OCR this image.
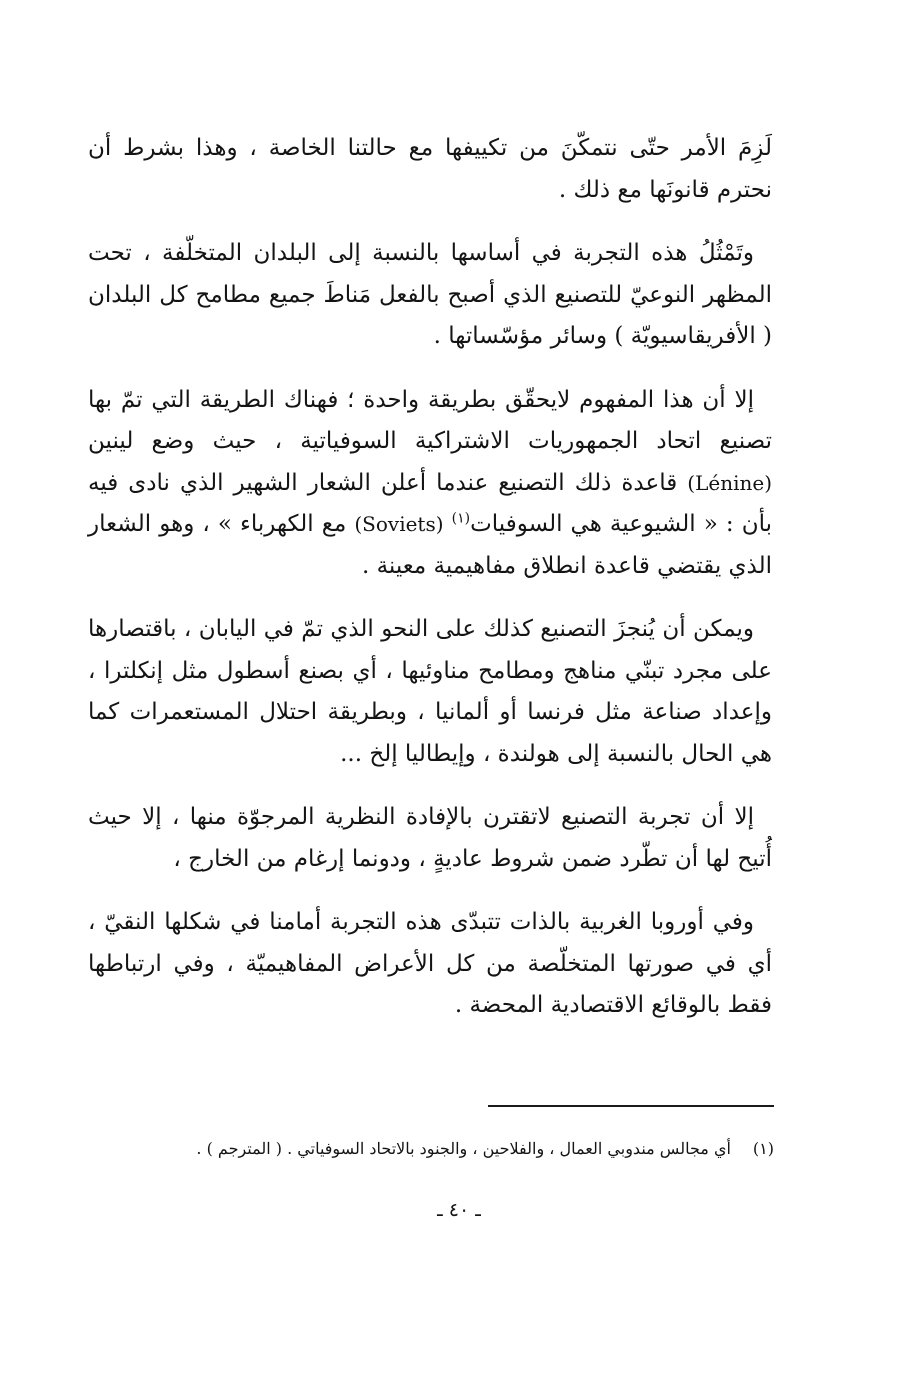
لَزِمَ الأمر حتّى نتمكّنَ من تكييفها مع حالتنا الخاصة ، وهذا بشرط أن نحترم قانونَها مع ذلك .

وتَمْثُلُ هذه التجربة في أساسها بالنسبة إلى البلدان المتخلّفة ، تحت المظهر النوعيّ للتصنيع الذي أصبح بالفعل مَناطَ جميع مطامح كل البلدان ( الأفريقاسيويّة ) وسائر مؤسّساتها .

إلا أن هذا المفهوم لايحقّق بطريقة واحدة ؛ فهناك الطريقة التي تمّ بها تصنيع اتحاد الجمهوريات الاشتراكية السوفياتية ، حيث وضع لينين (Lénine) قاعدة ذلك التصنيع عندما أعلن الشعار الشهير الذي نادى فيه بأن : « الشيوعية هي السوفيات$^{(١)}$ (Soviets) مع الكهرباء » ، وهو الشعار الذي يقتضي قاعدة انطلاق مفاهيمية معينة .

ويمكن أن يُنجزَ التصنيع كذلك على النحو الذي تمّ في اليابان ، باقتصارها على مجرد تبنّي مناهج ومطامح مناوئيها ، أي بصنع أسطول مثل إنكلترا ، وإعداد صناعة مثل فرنسا أو ألمانيا ، وبطريقة احتلال المستعمرات كما هي الحال بالنسبة إلى هولندة ، وإيطاليا إلخ ...

إلا أن تجربة التصنيع لاتقترن بالإفادة النظرية المرجوّة منها ، إلا حيث أُتيح لها أن تطّرد ضمن شروط عاديةٍ ، ودونما إرغام من الخارج ،

وفي أوروبا الغربية بالذات تتبدّى هذه التجربة أمامنا في شكلها النقيّ ، أي في صورتها المتخلّصة من كل الأعراض المفاهيميّة ، وفي ارتباطها فقط بالوقائع الاقتصادية المحضة .

(١)أي مجالس مندوبي العمال ، والفلاحين ، والجنود بالاتحاد السوفياتي . ( المترجم ) .
ـ ٤٠ ـ
